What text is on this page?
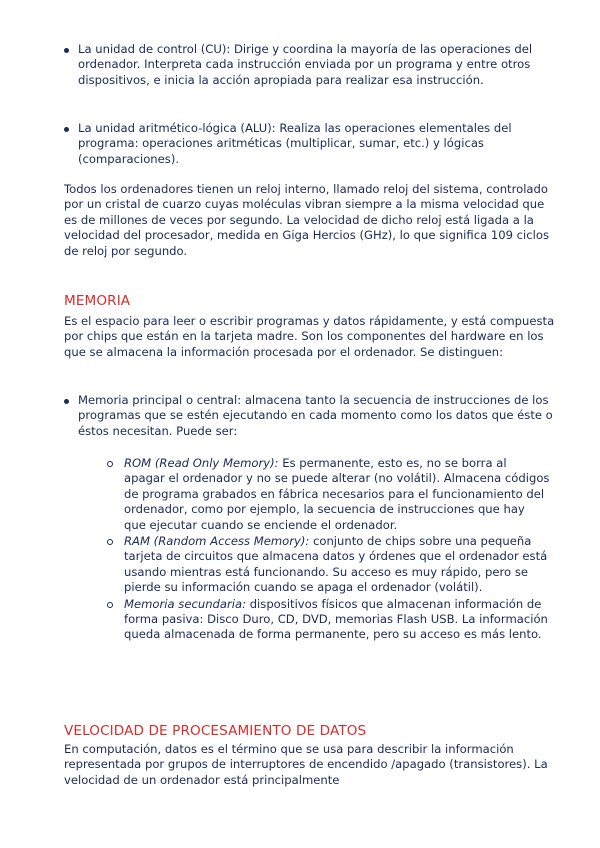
La unidad de control (CU): Dirige y coordina la mayoría de las operaciones del ordenador. Interpreta cada instrucción enviada por un programa y entre otros dispositivos, e inicia la acción apropiada para realizar esa instrucción.
La unidad aritmético-lógica (ALU): Realiza las operaciones elementales del programa: operaciones aritméticas (multiplicar, sumar, etc.) y lógicas (comparaciones).
Todos los ordenadores tienen un reloj interno, llamado reloj del sistema, controlado por un cristal de cuarzo cuyas moléculas vibran siempre a la misma velocidad que es de millones de veces por segundo. La velocidad de dicho reloj está ligada a la velocidad del procesador, medida en Giga Hercios (GHz), lo que significa 109 ciclos de reloj por segundo.
MEMORIA
Es el espacio para leer o escribir programas y datos rápidamente, y está compuesta por chips que están en la tarjeta madre. Son los componentes del hardware en los que se almacena la información procesada por el ordenador. Se distinguen:
Memoria principal o central: almacena tanto la secuencia de instrucciones de los programas que se estén ejecutando en cada momento como los datos que éste o éstos necesitan. Puede ser:
ROM (Read Only Memory): Es permanente, esto es, no se borra al apagar el ordenador y no se puede alterar (no volátil). Almacena códigos de programa grabados en fábrica necesarios para el funcionamiento del ordenador, como por ejemplo, la secuencia de instrucciones que hay que ejecutar cuando se enciende el ordenador.
RAM (Random Access Memory): conjunto de chips sobre una pequeña tarjeta de circuitos que almacena datos y órdenes que el ordenador está usando mientras está funcionando. Su acceso es muy rápido, pero se pierde su información cuando se apaga el ordenador (volátil).
Memoria secundaria: dispositivos físicos que almacenan información de forma pasiva: Disco Duro, CD, DVD, memorias Flash USB. La información queda almacenada de forma permanente, pero su acceso es más lento.
VELOCIDAD DE PROCESAMIENTO DE DATOS
En computación, datos es el término que se usa para describir la información representada por grupos de interruptores de encendido /apagado (transistores). La velocidad de un ordenador está principalmente
